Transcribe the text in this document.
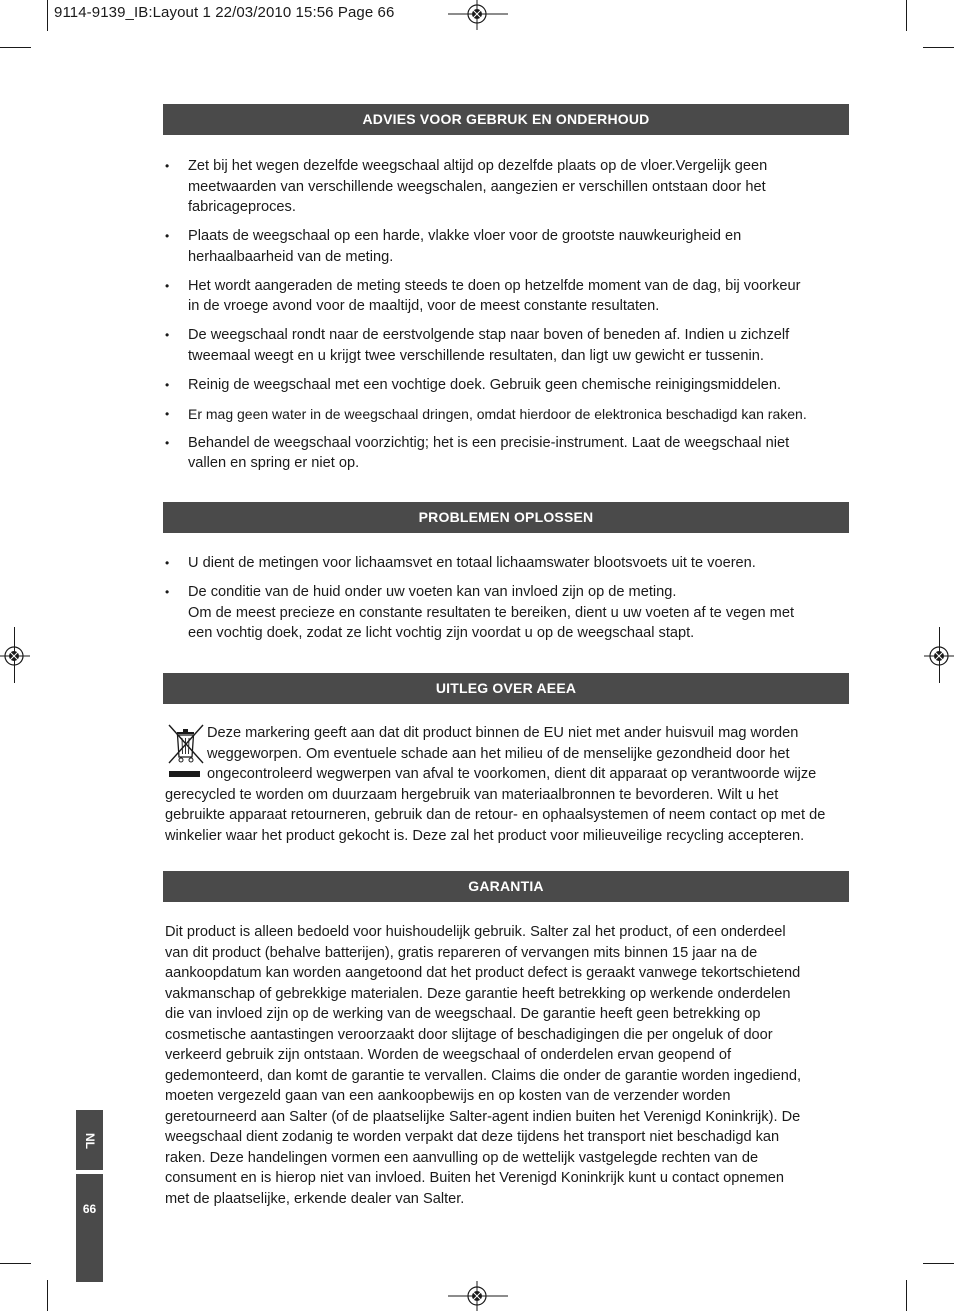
9114-9139_IB:Layout 1 22/03/2010 15:56 Page 66
ADVIES VOOR GEBRUK EN ONDERHOUD
• Zet bij het wegen dezelfde weegschaal altijd op dezelfde plaats op de vloer.Vergelijk geen
meetwaarden van verschillende weegschalen, aangezien er verschillen ontstaan door het
fabricageproces.
• Plaats de weegschaal op een harde, vlakke vloer voor de grootste nauwkeurigheid en
herhaalbaarheid van de meting.
• Het wordt aangeraden de meting steeds te doen op hetzelfde moment van de dag, bij voorkeur
in de vroege avond voor de maaltijd, voor de meest constante resultaten.
• De weegschaal rondt naar de eerstvolgende stap naar boven of beneden af. Indien u zichzelf
tweemaal weegt en u krijgt twee verschillende resultaten, dan ligt uw gewicht er tussenin.
• Reinig de weegschaal met een vochtige doek. Gebruik geen chemische reinigingsmiddelen.
• Er mag geen water in de weegschaal dringen, omdat hierdoor de elektronica beschadigd kan raken.
• Behandel de weegschaal voorzichtig; het is een precisie-instrument. Laat de weegschaal niet
vallen en spring er niet op.
PROBLEMEN OPLOSSEN
• U dient de metingen voor lichaamsvet en totaal lichaamswater blootsvoets uit te voeren.
• De conditie van de huid onder uw voeten kan van invloed zijn op de meting.
Om de meest precieze en constante resultaten te bereiken, dient u uw voeten af te vegen met
een vochtig doek, zodat ze licht vochtig zijn voordat u op de weegschaal stapt.
UITLEG OVER AEEA
Deze markering geeft aan dat dit product binnen de EU niet met ander huisvuil mag worden
weggeworpen. Om eventuele schade aan het milieu of de menselijke gezondheid door het
ongecontroleerd wegwerpen van afval te voorkomen, dient dit apparaat op verantwoorde wijze
gerecycled te worden om duurzaam hergebruik van materiaalbronnen te bevorderen. Wilt u het
gebruikte apparaat retourneren, gebruik dan de retour- en ophaalsystemen of neem contact op met de
winkelier waar het product gekocht is. Deze zal het product voor milieuveilige recycling accepteren.
GARANTIA
Dit product is alleen bedoeld voor huishoudelijk gebruik. Salter zal het product, of een onderdeel
van dit product (behalve batterijen), gratis repareren of vervangen mits binnen 15 jaar na de
aankoopdatum kan worden aangetoond dat het product defect is geraakt vanwege tekortschietend
vakmanschap of gebrekkige materialen. Deze garantie heeft betrekking op werkende onderdelen
die van invloed zijn op de werking van de weegschaal. De garantie heeft geen betrekking op
cosmetische aantastingen veroorzaakt door slijtage of beschadigingen die per ongeluk of door
verkeerd gebruik zijn ontstaan. Worden de weegschaal of onderdelen ervan geopend of
gedemonteerd, dan komt de garantie te vervallen. Claims die onder de garantie worden ingediend,
moeten vergezeld gaan van een aankoopbewijs en op kosten van de verzender worden
geretourneerd aan Salter (of de plaatselijke Salter-agent indien buiten het Verenigd Koninkrijk). De
weegschaal dient zodanig te worden verpakt dat deze tijdens het transport niet beschadigd kan
raken. Deze handelingen vormen een aanvulling op de wettelijk vastgelegde rechten van de
consument en is hierop niet van invloed. Buiten het Verenigd Koninkrijk kunt u contact opnemen
met de plaatselijke, erkende dealer van Salter.
NL
66
